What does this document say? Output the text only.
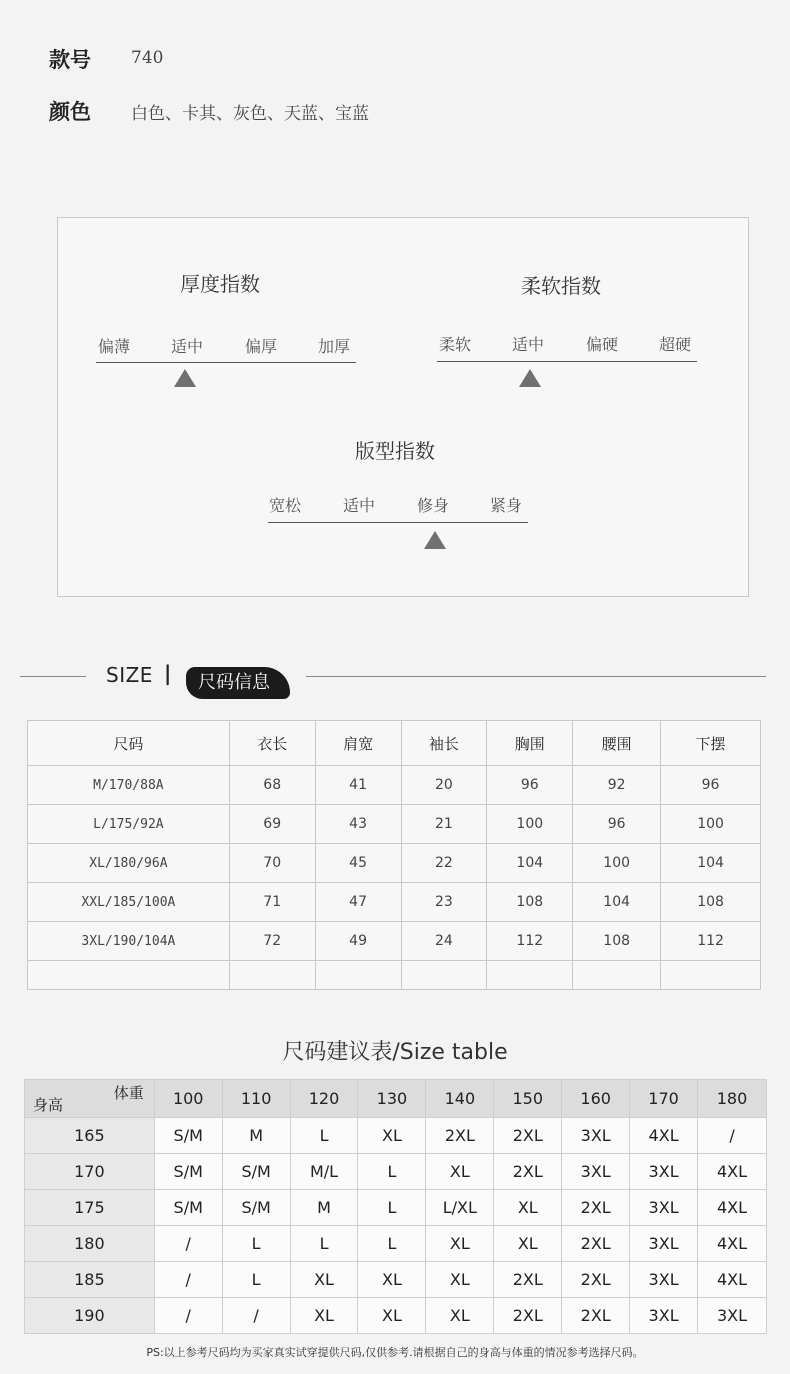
款号 740
颜色 白色、卡其、灰色、天蓝、宝蓝
厚度指数
偏薄	适中	偏厚	加厚
柔软指数
柔软	适中	偏硬	超硬
版型指数
宽松	适中	修身	紧身
SIZE |	尺码信息
尺码	衣长	肩宽	袖长	胸围	腰围	下摆
M/170/88A	68	41	20	96	92	96
L/175/92A	69	43	21	100	96	100
XL/180/96A	70	45	22	104	100	104
XXL/185/100A	71	47	23	108	104	108
3XL/190/104A	72	49	24	112	108	112

尺码建议表/Size table
体重
身高	100	110	120	130	140	150	160	170	180
165	S/M	M	L	XL	2XL	2XL	3XL	4XL	/
170	S/M	S/M	M/L	L	XL	2XL	3XL	3XL	4XL
175	S/M	S/M	M	L	L/XL	XL	2XL	3XL	4XL
180	/	L	L	L	XL	XL	2XL	3XL	4XL
185	/	L	XL	XL	XL	2XL	2XL	3XL	4XL
190	/	/	XL	XL	XL	2XL	2XL	3XL	3XL
PS:以上参考尺码均为买家真实试穿提供尺码,仅供参考.请根据自己的身高与体重的情况参考选择尺码。
